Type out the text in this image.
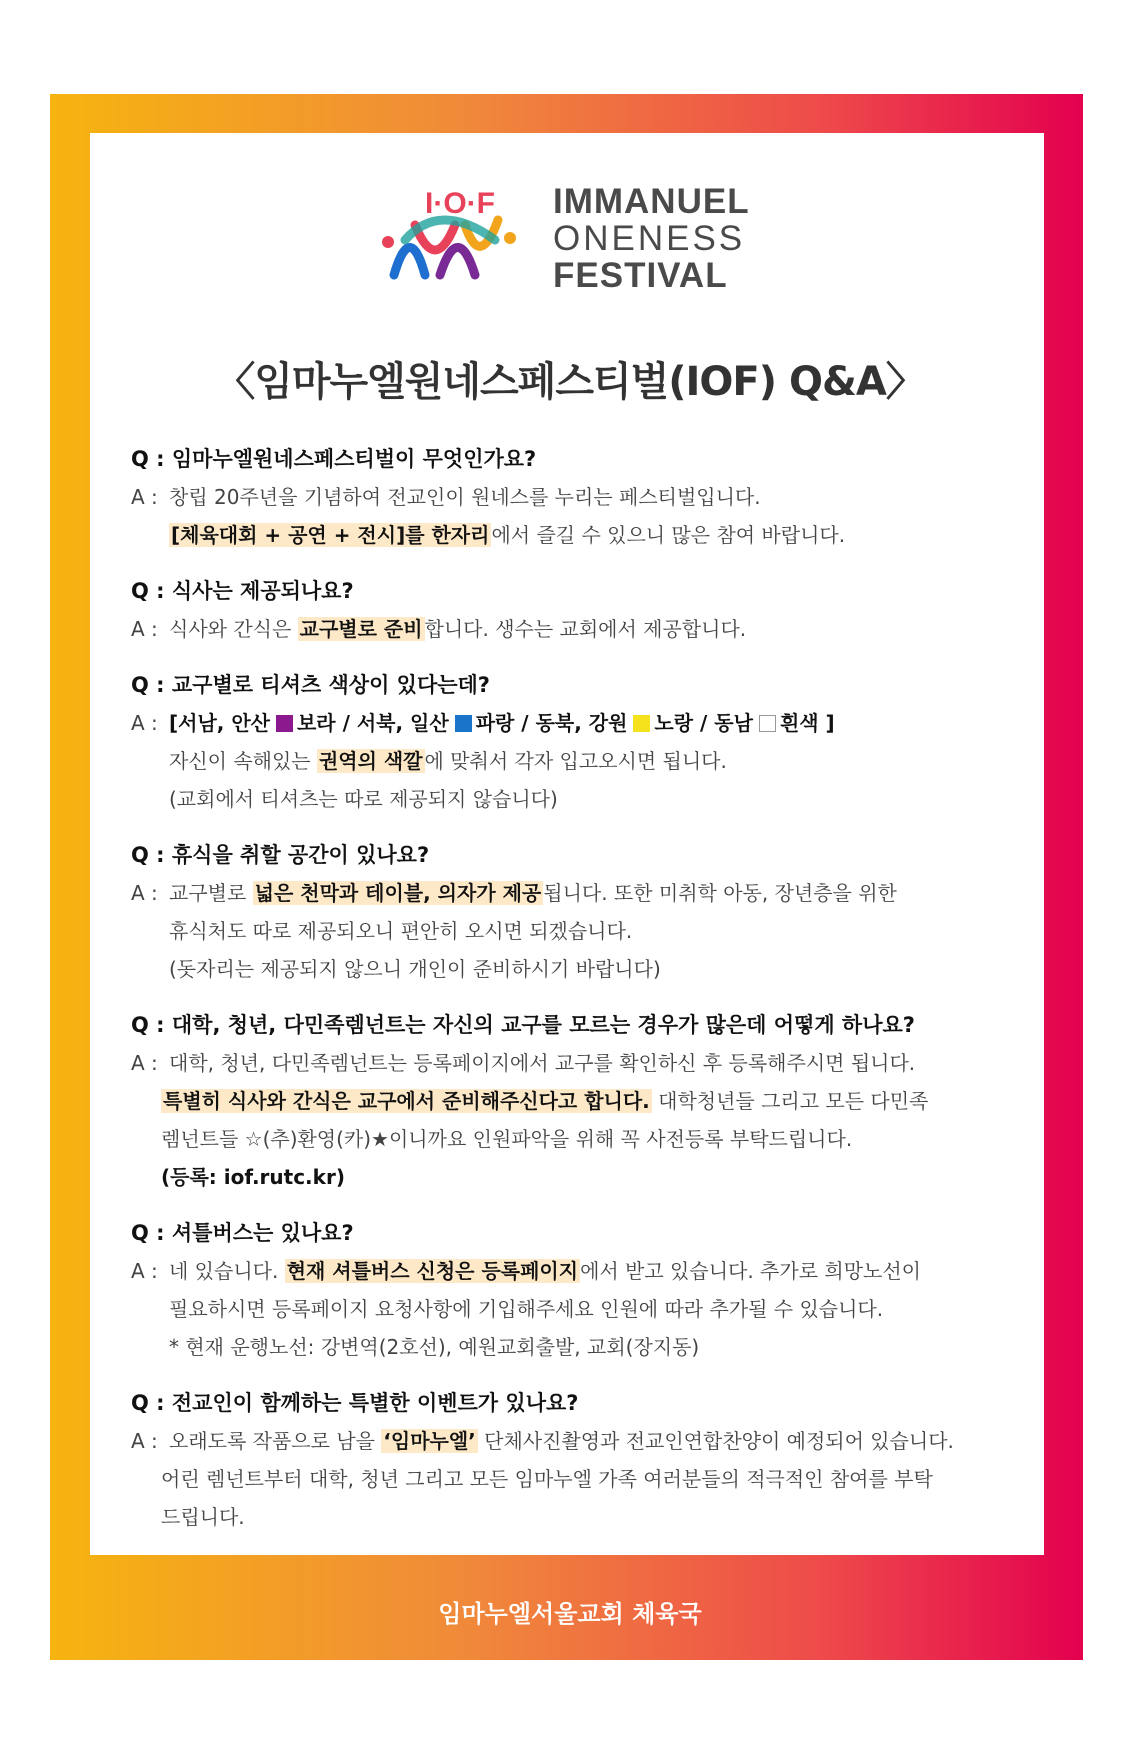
I·O·F IMMANUEL
ONENESS
FESTIVAL
〈임마누엘원네스페스티벌(IOF) Q&A〉
Q : 임마누엘원네스페스티벌이 무엇인가요?
A : 창립 20주년을 기념하여 전교인이 원네스를 누리는 페스티벌입니다.
[체육대회 + 공연 + 전시]를 한자리 에서 즐길 수 있으니 많은 참여 바랍니다.
Q : 식사는 제공되나요?
A : 식사와 간식은 교구별로 준비 합니다. 생수는 교회에서 제공합니다.
Q : 교구별로 티셔츠 색상이 있다는데?
A : [서남, 안산 보라 / 서북, 일산 파랑 / 동북, 강원 노랑 / 동남 흰색 ]
자신이 속해있는 권역의 색깔 에 맞춰서 각자 입고오시면 됩니다.
(교회에서 티셔츠는 따로 제공되지 않습니다)
Q : 휴식을 취할 공간이 있나요?
A : 교구별로 넓은 천막과 테이블, 의자가 제공 됩니다. 또한 미취학 아동, 장년층을 위한
휴식처도 따로 제공되오니 편안히 오시면 되겠습니다.
(돗자리는 제공되지 않으니 개인이 준비하시기 바랍니다)
Q : 대학, 청년, 다민족렘넌트는 자신의 교구를 모르는 경우가 많은데 어떻게 하나요?
A : 대학, 청년, 다민족렘넌트는 등록페이지에서 교구를 확인하신 후 등록해주시면 됩니다.
특별히 식사와 간식은 교구에서 준비해주신다고 합니다. 대학청년들 그리고 모든 다민족
렘넌트들 ☆(추)환영(카)★이니까요 인원파악을 위해 꼭 사전등록 부탁드립니다.
(등록: iof.rutc.kr)
Q : 셔틀버스는 있나요?
A : 네 있습니다. 현재 셔틀버스 신청은 등록페이지 에서 받고 있습니다. 추가로 희망노선이
필요하시면 등록페이지 요청사항에 기입해주세요 인원에 따라 추가될 수 있습니다.
* 현재 운행노선: 강변역(2호선), 예원교회출발, 교회(장지동)
Q : 전교인이 함께하는 특별한 이벤트가 있나요?
A : 오래도록 작품으로 남을 ‘임마누엘’ 단체사진촬영과 전교인연합찬양이 예정되어 있습니다.
어린 렘넌트부터 대학, 청년 그리고 모든 임마누엘 가족 여러분들의 적극적인 참여를 부탁
드립니다.
임마누엘서울교회 체육국
